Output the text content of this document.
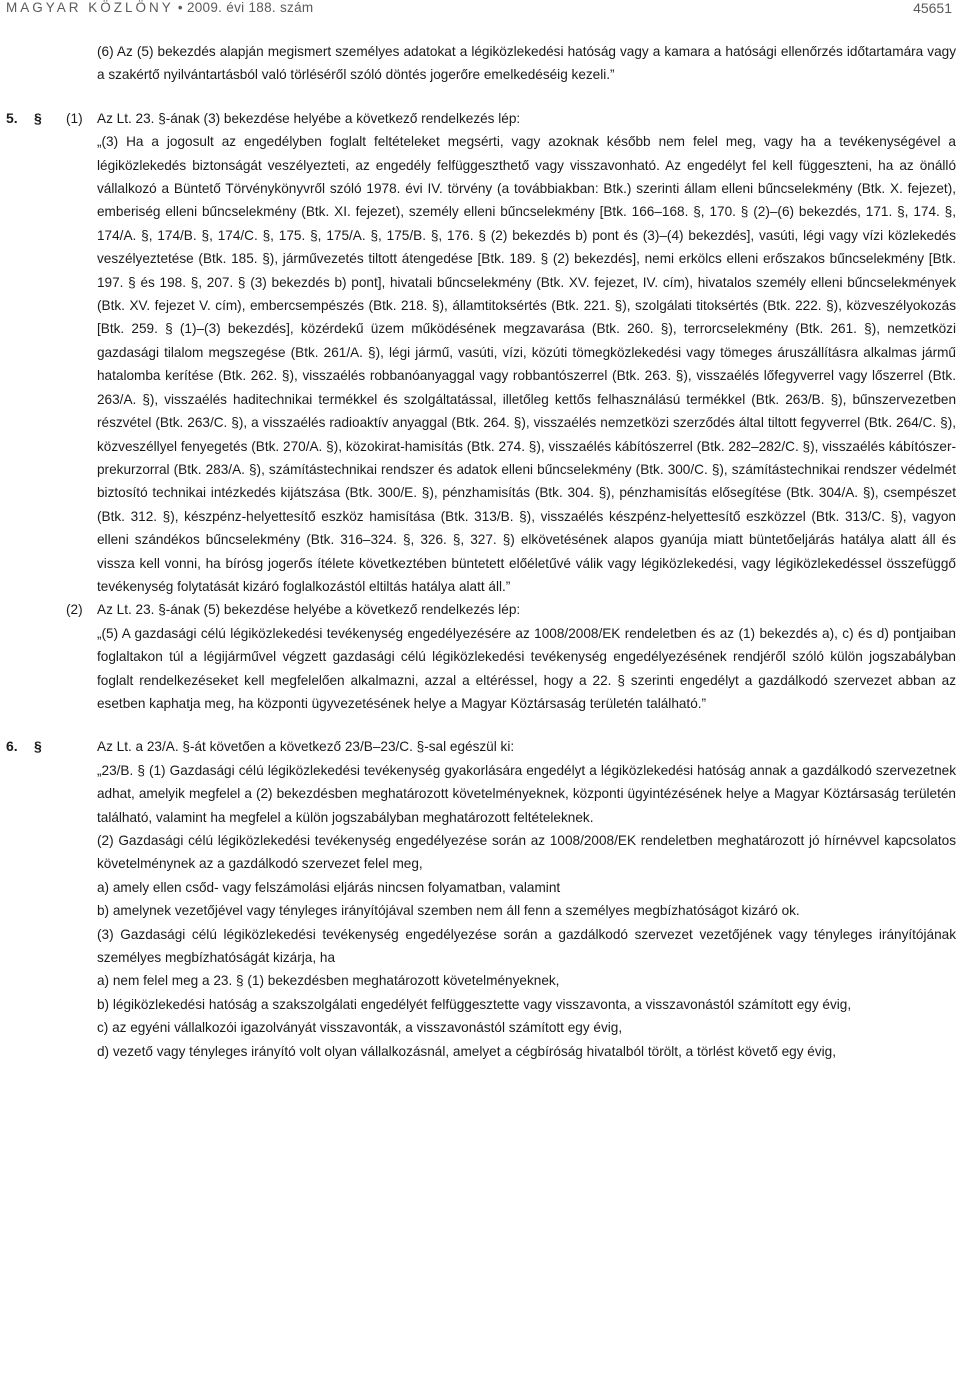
MAGYAR KÖZLÖNY • 2009. évi 188. szám	45651
(6) Az (5) bekezdés alapján megismert személyes adatokat a légiközlekedési hatóság vagy a kamara a hatósági ellenőrzés időtartamára vagy a szakértő nyilvántartásból való törléséről szóló döntés jogerőre emelkedéséig kezeli.”
5. § (1) Az Lt. 23. §-ának (3) bekezdése helyébe a következő rendelkezés lép:
„(3) Ha a jogosult az engedélyben foglalt feltételeket megsérti, vagy azoknak később nem felel meg, vagy ha a tevékenységével a légiközlekedés biztonságát veszélyezteti, az engedély felfüggeszthető vagy visszavonható. Az engedélyt fel kell függeszteni, ha az önálló vállalkozó a Büntető Törvénykönyvről szóló 1978. évi IV. törvény (a továbbiakban: Btk.) szerinti állam elleni bűncselekmény (Btk. X. fejezet), emberiség elleni bűncselekmény (Btk. XI. fejezet), személy elleni bűncselekmény [Btk. 166–168. §, 170. § (2)–(6) bekezdés, 171. §, 174. §, 174/A. §, 174/B. §, 174/C. §, 175. §, 175/A. §, 175/B. §, 176. § (2) bekezdés b) pont és (3)–(4) bekezdés], vasúti, légi vagy vízi közlekedés veszélyeztetése (Btk. 185. §), járművezetés tiltott átengedése [Btk. 189. § (2) bekezdés], nemi erkölcs elleni erőszakos bűncselekmény [Btk. 197. § és 198. §, 207. § (3) bekezdés b) pont], hivatali bűncselekmény (Btk. XV. fejezet, IV. cím), hivatalos személy elleni bűncselekmények (Btk. XV. fejezet V. cím), embercsempészés (Btk. 218. §), államtitoksértés (Btk. 221. §), szolgálati titoksértés (Btk. 222. §), közveszélyokozás [Btk. 259. § (1)–(3) bekezdés], közérdekű üzem működésének megzavarása (Btk. 260. §), terrorcselekmény (Btk. 261. §), nemzetközi gazdasági tilalom megszegése (Btk. 261/A. §), légi jármű, vasúti, vízi, közúti tömegközlekedési vagy tömeges áruszállításra alkalmas jármű hatalomba kerítése (Btk. 262. §), visszaélés robbanóanyaggal vagy robbantószerrel (Btk. 263. §), visszaélés lőfegyverrel vagy lőszerrel (Btk. 263/A. §), visszaélés haditechnikai termékkel és szolgáltatással, illetőleg kettős felhasználású termékkel (Btk. 263/B. §), bűnszervezetben részvétel (Btk. 263/C. §), a visszaélés radioaktív anyaggal (Btk. 264. §), visszaélés nemzetközi szerződés által tiltott fegyverrel (Btk. 264/C. §), közveszéllyel fenyegetés (Btk. 270/A. §), közokirat-hamisítás (Btk. 274. §), visszaélés kábítószerrel (Btk. 282–282/C. §), visszaélés kábítószer-prekurzorral (Btk. 283/A. §), számítástechnikai rendszer és adatok elleni bűncselekmény (Btk. 300/C. §), számítástechnikai rendszer védelmét biztosító technikai intézkedés kijátszása (Btk. 300/E. §), pénzhamisítás (Btk. 304. §), pénzhamisítás elősegítése (Btk. 304/A. §), csempészet (Btk. 312. §), készpénz-helyettesítő eszköz hamisítása (Btk. 313/B. §), visszaélés készpénz-helyettesítő eszközzel (Btk. 313/C. §), vagyon elleni szándékos bűncselekmény (Btk. 316–324. §, 326. §, 327. §) elkövetésének alapos gyanúja miatt büntetőeljárás hatálya alatt áll és vissza kell vonni, ha bírósg jogerős ítélete következtében büntetett előéletűvé válik vagy légiközlekedési, vagy légiközlekedéssel összefüggő tevékenység folytatását kizáró foglalkozástól eltiltás hatálya alatt áll.”
(2) Az Lt. 23. §-ának (5) bekezdése helyébe a következő rendelkezés lép:
„(5) A gazdasági célú légiközlekedési tevékenység engedélyezésére az 1008/2008/EK rendeletben és az (1) bekezdés a), c) és d) pontjaiban foglaltakon túl a légijárművel végzett gazdasági célú légiközlekedési tevékenység engedélyezésének rendjéről szóló külön jogszabályban foglalt rendelkezéseket kell megfelelően alkalmazni, azzal a eltéréssel, hogy a 22. § szerinti engedélyt a gazdálkodó szervezet abban az esetben kaphatja meg, ha központi ügyvezetésének helye a Magyar Köztársaság területén található.”
6. §	Az Lt. a 23/A. §-át követően a következő 23/B–23/C. §-sal egészül ki:
„23/B. § (1) Gazdasági célú légiközlekedési tevékenység gyakorlására engedélyt a légiközlekedési hatóság annak a gazdálkodó szervezetnek adhat, amelyik megfelel a (2) bekezdésben meghatározott követelményeknek, központi ügyintézésének helye a Magyar Köztársaság területén található, valamint ha megfelel a külön jogszabályban meghatározott feltételeknek.
(2) Gazdasági célú légiközlekedési tevékenység engedélyezése során az 1008/2008/EK rendeletben meghatározott jó hírnévvel kapcsolatos követelménynek az a gazdálkodó szervezet felel meg,
a) amely ellen csőd- vagy felszámolási eljárás nincsen folyamatban, valamint
b) amelynek vezetőjével vagy tényleges irányítójával szemben nem áll fenn a személyes megbízhatóságot kizáró ok.
(3) Gazdasági célú légiközlekedési tevékenység engedélyezése során a gazdálkodó szervezet vezetőjének vagy tényleges irányítójának személyes megbízhatóságát kizárja, ha
a) nem felel meg a 23. § (1) bekezdésben meghatározott követelményeknek,
b) légiközlekedési hatóság a szakszolgálati engedélyét felfüggesztette vagy visszavonta, a visszavonástól számított egy évig,
c) az egyéni vállalkozói igazolványát visszavonták, a visszavonástól számított egy évig,
d) vezető vagy tényleges irányító volt olyan vállalkozásnál, amelyet a cégbíróság hivatalból törölt, a törlést követő egy évig,
